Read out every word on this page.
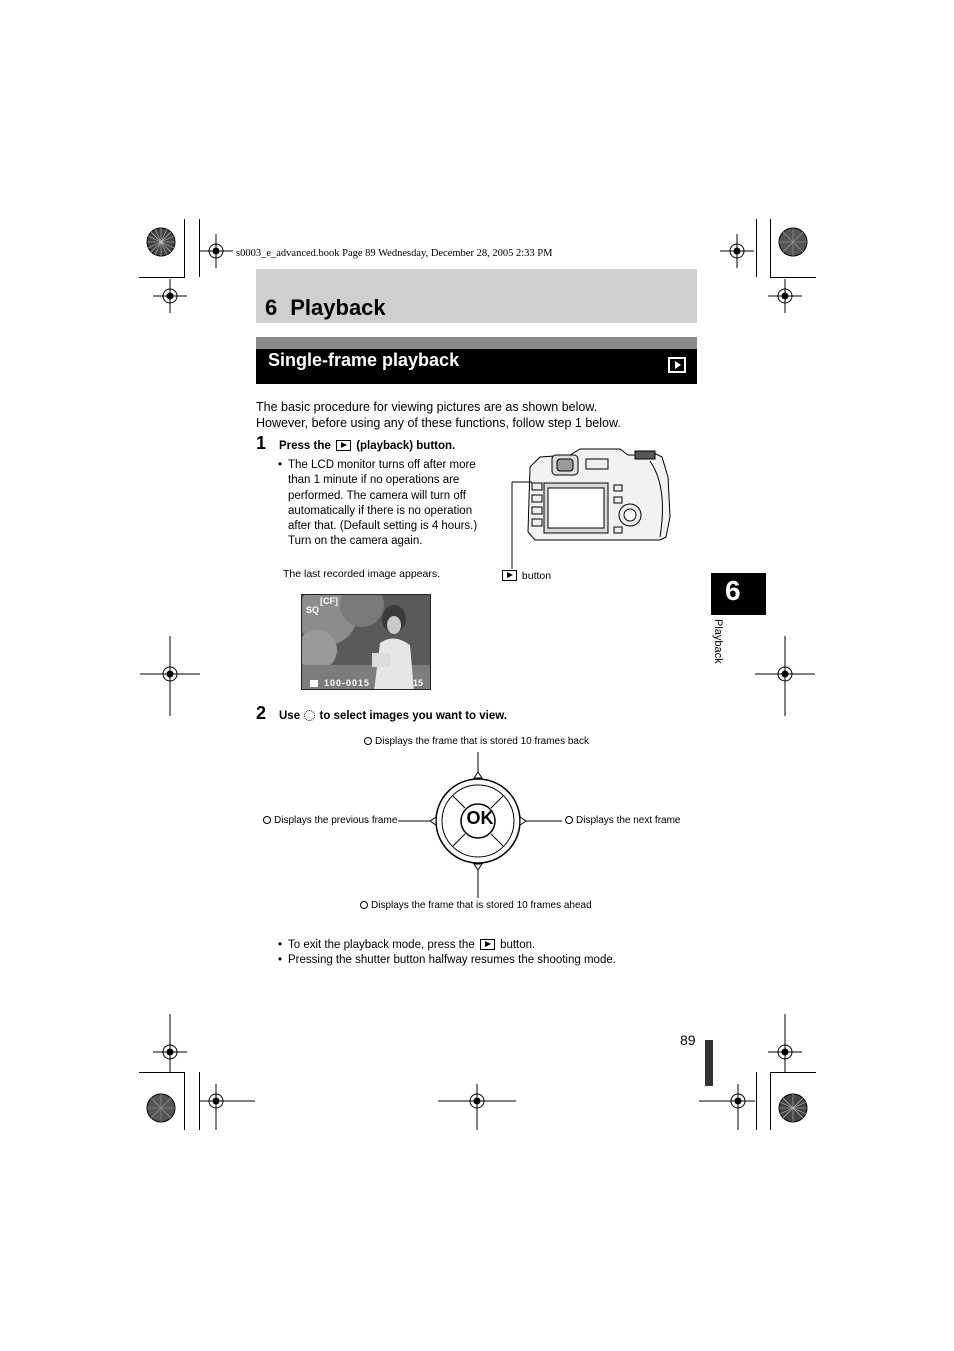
s0003_e_advanced.book Page 89 Wednesday, December 28, 2005 2:33 PM
6 Playback
Single-frame playback
The basic procedure for viewing pictures are as shown below.
However, before using any of these functions, follow step 1 below.
1 Press the (playback) button.
• The LCD monitor turns off after more
than 1 minute if no operations are
performed. The camera will turn off
automatically if there is no operation
after that. (Default setting is 4 hours.)
Turn on the camera again.
The last recorded image appears.	button
SQ
[CF]
100-0015	15
2 Use to select images you want to view.
OK
Displays the frame that is stored 10 frames back
Displays the previous frame	Displays the next frame
Displays the frame that is stored 10 frames ahead
• To exit the playback mode, press the button.
• Pressing the shutter button halfway resumes the shooting mode.
6
Playback
89
